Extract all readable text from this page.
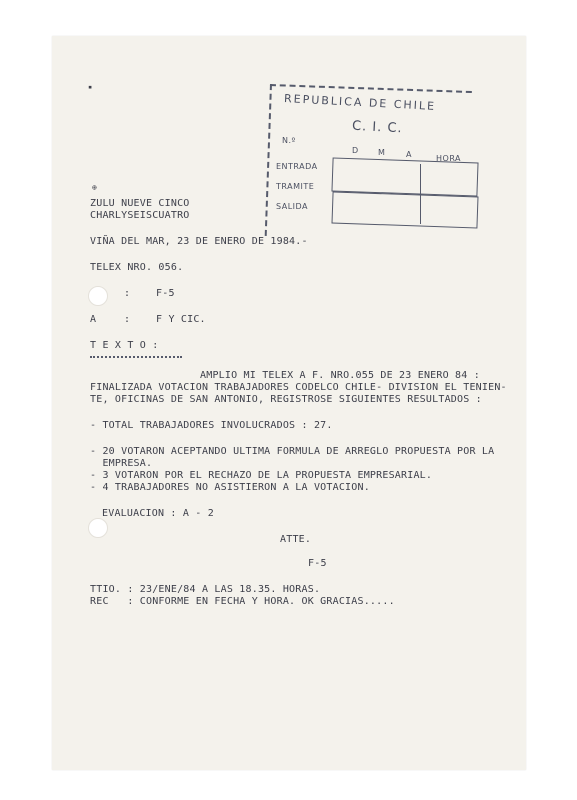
REPUBLICA DE CHILE
C. I. C.
N.º
D M	A	HORA
ENTRADA
TRAMITE
SALIDA
▪
⊕
ZULU NUEVE CINCO
CHARLYSEISCUATRO
VIÑA DEL MAR, 23 DE ENERO DE 1984.-
TELEX NRO. 056.
:	F-5
A	:	F Y CIC.
T E X T O :
AMPLIO MI TELEX A F. NRO.055 DE 23 ENERO 84 :
FINALIZADA VOTACION TRABAJADORES CODELCO CHILE- DIVISION EL TENIEN-
TE, OFICINAS DE SAN ANTONIO, REGISTROSE SIGUIENTES RESULTADOS :
- TOTAL TRABAJADORES INVOLUCRADOS : 27.
- 20 VOTARON ACEPTANDO ULTIMA FORMULA DE ARREGLO PROPUESTA POR LA
EMPRESA.
- 3 VOTARON POR EL RECHAZO DE LA PROPUESTA EMPRESARIAL.
- 4 TRABAJADORES NO ASISTIERON A LA VOTACION.
EVALUACION : A - 2
ATTE.
F-5
TTIO. : 23/ENE/84 A LAS 18.35. HORAS.
REC   : CONFORME EN FECHA Y HORA. OK GRACIAS.....
